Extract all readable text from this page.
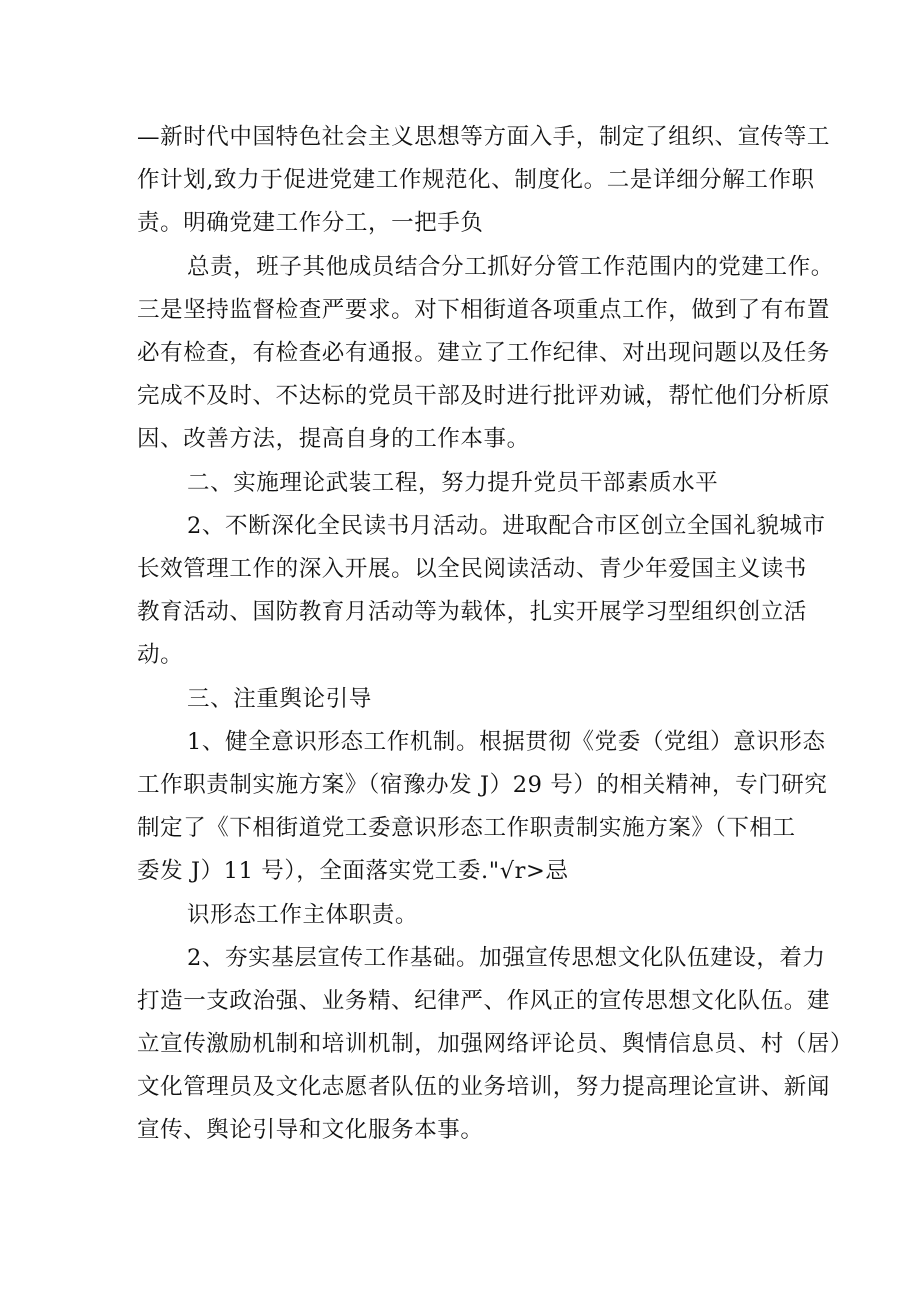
—新时代中国特色社会主义思想等方面入手，制定了组织、宣传等工
作计划,致力于促进党建工作规范化、制度化。二是详细分解工作职
责。明确党建工作分工，一把手负
总责，班子其他成员结合分工抓好分管工作范围内的党建工作。
三是坚持监督检查严要求。对下相街道各项重点工作，做到了有布置
必有检查，有检查必有通报。建立了工作纪律、对出现问题以及任务
完成不及时、不达标的党员干部及时进行批评劝诫，帮忙他们分析原
因、改善方法，提高自身的工作本事。
二、实施理论武装工程，努力提升党员干部素质水平
2、不断深化全民读书月活动。进取配合市区创立全国礼貌城市
长效管理工作的深入开展。以全民阅读活动、青少年爱国主义读书
教育活动、国防教育月活动等为载体，扎实开展学习型组织创立活
动。
三、注重舆论引导
1、健全意识形态工作机制。根据贯彻《党委（党组）意识形态
工作职责制实施方案》（宿豫办发 J）29 号）的相关精神，专门研究
制定了《下相街道党工委意识形态工作职责制实施方案》（下相工
委发 J）11 号），全面落实党工委."√r>忌
识形态工作主体职责。
2、夯实基层宣传工作基础。加强宣传思想文化队伍建设，着力
打造一支政治强、业务精、纪律严、作风正的宣传思想文化队伍。建
立宣传激励机制和培训机制，加强网络评论员、舆情信息员、村（居）
文化管理员及文化志愿者队伍的业务培训，努力提高理论宣讲、新闻
宣传、舆论引导和文化服务本事。
